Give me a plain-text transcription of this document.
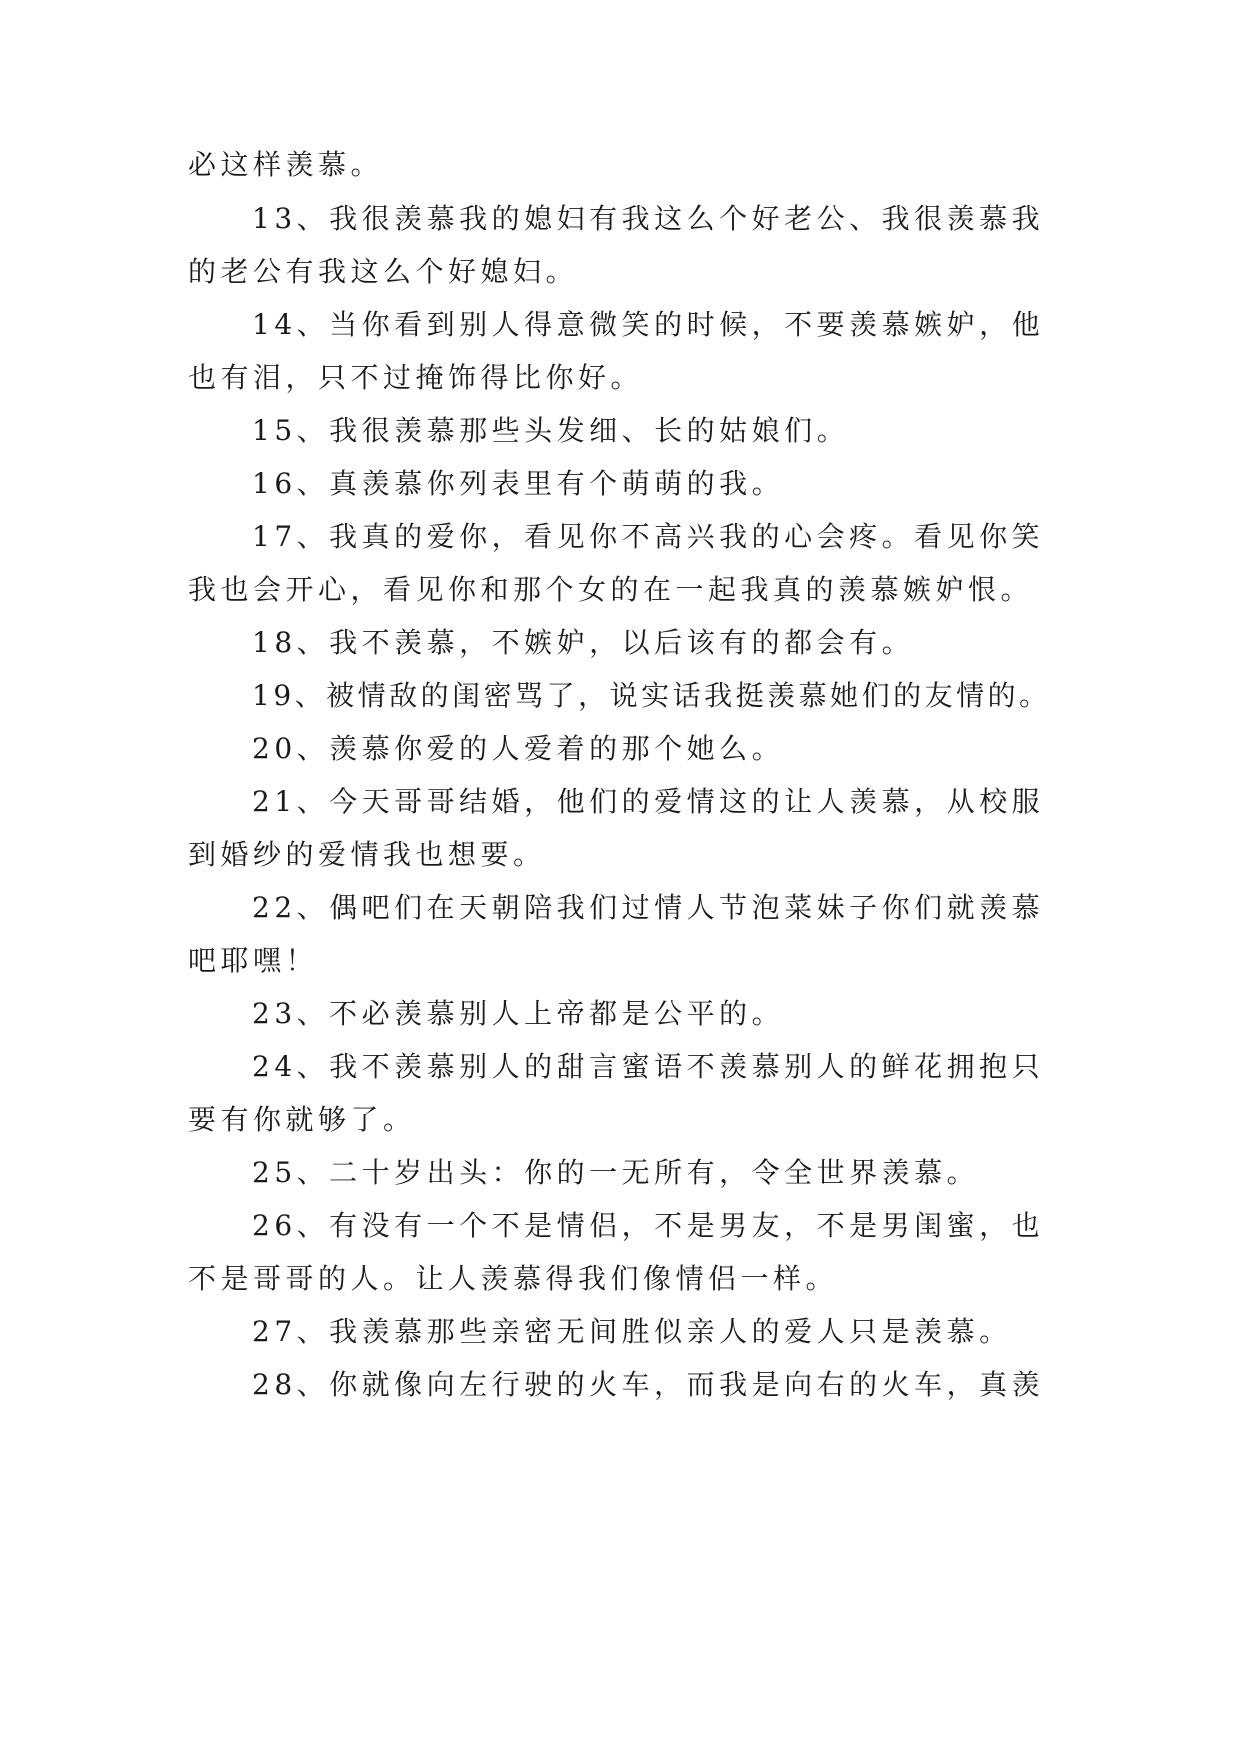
必这样羡慕。
13、我很羡慕我的媳妇有我这么个好老公、我很羡慕我
的老公有我这么个好媳妇。
14、当你看到别人得意微笑的时候，不要羡慕嫉妒，他
也有泪，只不过掩饰得比你好。
15、我很羡慕那些头发细、长的姑娘们。
16、真羡慕你列表里有个萌萌的我。
17、我真的爱你，看见你不高兴我的心会疼。看见你笑
我也会开心，看见你和那个女的在一起我真的羡慕嫉妒恨。
18、我不羡慕，不嫉妒，以后该有的都会有。
19、被情敌的闺密骂了，说实话我挺羡慕她们的友情的。
20、羡慕你爱的人爱着的那个她么。
21、今天哥哥结婚，他们的爱情这的让人羡慕，从校服
到婚纱的爱情我也想要。
22、偶吧们在天朝陪我们过情人节泡菜妹子你们就羡慕
吧耶嘿！
23、不必羡慕别人上帝都是公平的。
24、我不羡慕别人的甜言蜜语不羡慕别人的鲜花拥抱只
要有你就够了。
25、二十岁出头：你的一无所有，令全世界羡慕。
26、有没有一个不是情侣，不是男友，不是男闺蜜，也
不是哥哥的人。让人羡慕得我们像情侣一样。
27、我羡慕那些亲密无间胜似亲人的爱人只是羡慕。
28、你就像向左行驶的火车，而我是向右的火车，真羡
